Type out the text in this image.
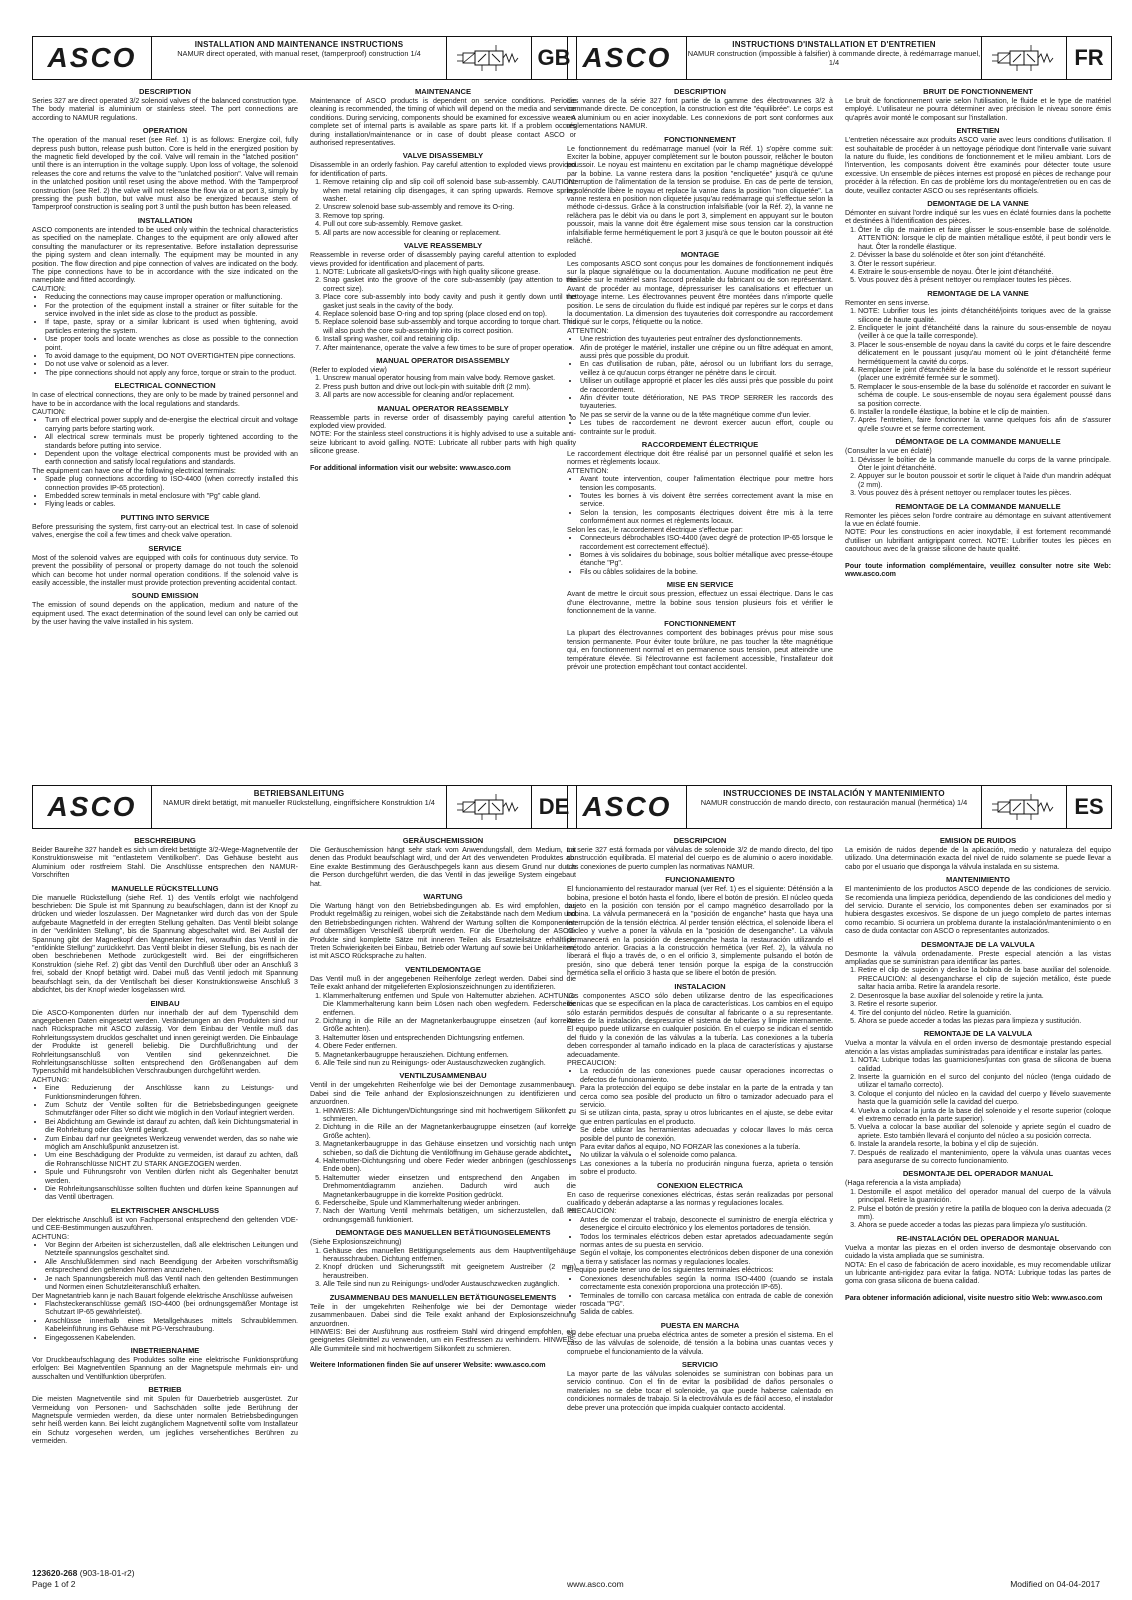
ASCO	INSTALLATION AND MAINTENANCE INSTRUCTIONS
NAMUR direct operated, with manual reset, (tamperproof) construction 1/4	GB
DESCRIPTION

Series 327 are direct operated 3/2 solenoid valves of the balanced construction type. The body material is aluminium or stainless steel. The port connections are according to NAMUR regulations.

OPERATION

The operation of the manual reset (see Ref. 1) is as follows: Energize coil, fully depress push button, release push button. Core is held in the energized position by the magnetic field developed by the coil. Valve will remain in the "latched position" until there is an interruption in the voltage supply. Upon loss of voltage, the solenoid releases the core and returns the valve to the "unlatched position". Valve will remain in the unlatched position until reset using the above method. With the Tamperproof construction (see Ref. 2) the valve will not release the flow via or at port 3, simply by pressing the push button, but valve must also be energized because stem of Tamperproof construction is sealing port 3 until the push button has been released.

INSTALLATION

ASCO components are intended to be used only within the technical characteristics as specified on the nameplate. Changes to the equipment are only allowed after consulting the manufacturer or its representative. Before installation depressurise the piping system and clean internally. The equipment may be mounted in any position. The flow direction and pipe connection of valves are indicated on the body. The pipe connections have to be in accordance with the size indicated on the nameplate and fitted accordingly.

CAUTION:

• Reducing the connections may cause improper operation or malfunctioning.
• For the protection of the equipment install a strainer or filter suitable for the service involved in the inlet side as close to the product as possible.
• If tape, paste, spray or a similar lubricant is used when tightening, avoid particles entering the system.
• Use proper tools and locate wrenches as close as possible to the connection point.
• To avoid damage to the equipment, DO NOT OVERTIGHTEN pipe connections.
• Do not use valve or solenoid as a lever.
• The pipe connections should not apply any force, torque or strain to the product.
ELECTRICAL CONNECTION

In case of electrical connections, they are only to be made by trained personnel and have to be in accordance with the local regulations and standards.

CAUTION:

• Turn off electrical power supply and de-energise the electrical circuit and voltage carrying parts before starting work.
• All electrical screw terminals must be properly tightened according to the standards before putting into service.
• Dependent upon the voltage electrical components must be provided with an earth connection and satisfy local regulations and standards.

The equipment can have one of the following electrical terminals:

• Spade plug connections according to ISO-4400 (when correctly installed this connection provides IP-65 protection).
• Embedded screw terminals in metal enclosure with "Pg" cable gland.
• Flying leads or cables.
PUTTING INTO SERVICE

Before pressurising the system, first carry-out an electrical test. In case of solenoid valves, energise the coil a few times and check valve operation.

SERVICE

Most of the solenoid valves are equipped with coils for continuous duty service. To prevent the possibility of personal or property damage do not touch the solenoid which can become hot under normal operation conditions. If the solenoid valve is easily accessible, the installer must provide protection preventing accidental contact.

SOUND EMISSION

The emission of sound depends on the application, medium and nature of the equipment used. The exact determination of the sound level can only be carried out by the user having the valve installed in his system.

MAINTENANCE

Maintenance of ASCO products is dependent on service conditions. Periodic cleaning is recommended, the timing of which will depend on the media and service conditions. During servicing, components should be examined for excessive wear. A complete set of internal parts is available as spare parts kit. If a problem occurs during installation/maintenance or in case of doubt please contact ASCO or authorised representatives.

VALVE DISASSEMBLY

Disassemble in an orderly fashion. Pay careful attention to exploded views provided for identification of parts.

1. Remove retaining clip and slip coil off solenoid base sub-assembly. CAUTION: when metal retaining clip disengages, it can spring upwards. Remove spring washer.
2. Unscrew solenoid base sub-assembly and remove its O-ring.
3. Remove top spring.
4. Pull out core sub-assembly. Remove gasket.
5. All parts are now accessible for cleaning or replacement.
VALVE REASSEMBLY

Reassemble in reverse order of disassembly paying careful attention to exploded views provided for identification and placement of parts.

1. NOTE: Lubricate all gaskets/O-rings with high quality silicone grease.
2. Snap gasket into the groove of the core sub-assembly (pay attention to the correct size).
3. Place core sub-assembly into body cavity and push it gently down until the gasket just seals in the cavity of the body.
4. Replace solenoid base O-ring and top spring (place closed end on top).
5. Replace solenoid base sub-assembly and torque according to torque chart. This will also push the core sub-assembly into its correct position.
6. Install spring washer, coil and retaining clip.
7. After maintenance, operate the valve a few times to be sure of proper operation.
MANUAL OPERATOR DISASSEMBLY

(Refer to exploded view)

1. Unscrew manual operator housing from main valve body. Remove gasket.
2. Press push button and drive out lock-pin with suitable drift (2 mm).
3. All parts are now accessible for cleaning and/or replacement.
MANUAL OPERATOR REASSEMBLY

Reassemble parts in reverse order of disassembly paying careful attention to exploded view provided.

NOTE: For the stainless steel constructions it is highly advised to use a suitable anti-seize lubricant to avoid galling. NOTE: Lubricate all rubber parts with high quality silicone grease.

For additional information visit our website: www.asco.com

ASCO	INSTRUCTIONS D'INSTALLATION ET D'ENTRETIEN
NAMUR construction (impossible à falsifier) à commande directe, à redémarrage manuel, 1/4	FR
DESCRIPTION

Les vannes de la série 327 font partie de la gamme des électrovannes 3/2 à commande directe. De conception, la construction est dite "équilibrée". Le corps est en aluminium ou en acier inoxydable. Les connexions de port sont conformes aux réglementations NAMUR.

FONCTIONNEMENT

Le fonctionnement du redémarrage manuel (voir la Réf. 1) s'opère comme suit: Exciter la bobine, appuyer complètement sur le bouton poussoir, relâcher le bouton poussoir. Le noyau est maintenu en excitation par le champ magnétique développé par la bobine. La vanne restera dans la position "encliquetée" jusqu'à ce qu'une interruption de l'alimentation de la tension se produise. En cas de perte de tension, le solénoïde libère le noyau et replace la vanne dans la position "non cliquetée". La vanne restera en position non cliquetée jusqu'au redémarrage qui s'effectue selon la méthode ci-dessus. Grâce à la construction infalsifiable (voir la Réf. 2), la vanne ne relâchera pas le débit via ou dans le port 3, simplement en appuyant sur le bouton poussoir, mais la vanne doit être également mise sous tension car la construction infalsifiable ferme hermétiquement le port 3 jusqu'à ce que le bouton poussoir ait été relâché.

MONTAGE

Les composants ASCO sont conçus pour les domaines de fonctionnement indiqués sur la plaque signalétique ou la documentation. Aucune modification ne peut être réalisée sur le matériel sans l'accord préalable du fabricant ou de son représentant. Avant de procéder au montage, dépressuriser les canalisations et effectuer un nettoyage interne. Les électrovannes peuvent être montées dans n'importe quelle position. Le sens de circulation du fluide est indiqué par repères sur le corps et dans la documentation. La dimension des tuyauteries doit correspondre au raccordement indiqué sur le corps, l'étiquette ou la notice.

ATTENTION:

• Une restriction des tuyauteries peut entraîner des dysfonctionnements.
• Afin de protéger le matériel, installer une crépine ou un filtre adéquat en amont, aussi près que possible du produit.
• En cas d'utilisation de ruban, pâte, aérosol ou un lubrifiant lors du serrage, veillez à ce qu'aucun corps étranger ne pénètre dans le circuit.
• Utiliser un outillage approprié et placer les clés aussi près que possible du point de raccordement.
• Afin d'éviter toute détérioration, NE PAS TROP SERRER les raccords des tuyauteries.
• Ne pas se servir de la vanne ou de la tête magnétique comme d'un levier.
• Les tubes de raccordement ne devront exercer aucun effort, couple ou contrainte sur le produit.
RACCORDEMENT ÉLECTRIQUE

Le raccordement électrique doit être réalisé par un personnel qualifié et selon les normes et règlements locaux.

ATTENTION:

• Avant toute intervention, couper l'alimentation électrique pour mettre hors tension les composants.
• Toutes les bornes à vis doivent être serrées correctement avant la mise en service.
• Selon la tension, les composants électriques doivent être mis à la terre conformément aux normes et règlements locaux.

Selon les cas, le raccordement électrique s'effectue par:

• Connecteurs débrochables ISO-4400 (avec degré de protection IP-65 lorsque le raccordement est correctement effectué).
• Bornes à vis solidaires du bobinage, sous boîtier métallique avec presse-étoupe étanche "Pg".
• Fils ou câbles solidaires de la bobine.
MISE EN SERVICE

Avant de mettre le circuit sous pression, effectuez un essai électrique. Dans le cas d'une électrovanne, mettre la bobine sous tension plusieurs fois et vérifier le fonctionnement de la vanne.

FONCTIONNEMENT

La plupart des électrovannes comportent des bobinages prévus pour mise sous tension permanente. Pour éviter toute brûlure, ne pas toucher la tête magnétique qui, en fonctionnement normal et en permanence sous tension, peut atteindre une température élevée. Si l'électrovanne est facilement accessible, l'installateur doit prévoir une protection empêchant tout contact accidentel.

BRUIT DE FONCTIONNEMENT

Le bruit de fonctionnement varie selon l'utilisation, le fluide et le type de matériel employé. L'utilisateur ne pourra déterminer avec précision le niveau sonore émis qu'après avoir monté le composant sur l'installation.

ENTRETIEN

L'entretien nécessaire aux produits ASCO varie avec leurs conditions d'utilisation. Il est souhaitable de procéder à un nettoyage périodique dont l'intervalle varie suivant la nature du fluide, les conditions de fonctionnement et le milieu ambiant. Lors de l'intervention, les composants doivent être examinés pour détecter toute usure excessive. Un ensemble de pièces internes est proposé en pièces de rechange pour procéder à la réfection. En cas de problème lors du montage/entretien ou en cas de doute, veuillez contacter ASCO ou ses représentants officiels.

DEMONTAGE DE LA VANNE

Démonter en suivant l'ordre indiqué sur les vues en éclaté fournies dans la pochette et destinées à l'identification des pièces.

1. Ôter le clip de maintien et faire glisser le sous-ensemble base de solénoïde. ATTENTION: lorsque le clip de maintien métallique estôté, il peut bondir vers le haut. Ôter la rondelle élastique.
2. Dévisser la base du solénoïde et ôter son joint d'étanchéité.
3. Ôter le ressort supérieur.
4. Extraire le sous-ensemble de noyau. Ôter le joint d'étanchéité.
5. Vous pouvez dès à présent nettoyer ou remplacer toutes les pièces.
REMONTAGE DE LA VANNE

Remonter en sens inverse.

1. NOTE: Lubrifier tous les joints d'étanchéité/joints toriques avec de la graisse silicone de haute qualité.
2. Encliqueter le joint d'étanchéité dans la rainure du sous-ensemble de noyau (veiller à ce que la taille corresponde).
3. Placer le sous-ensemble de noyau dans la cavité du corps et le faire descendre délicatement en le poussant jusqu'au moment où le joint d'étanchéité ferme hermétiquement la cavité du corps.
4. Remplacer le joint d'étanchéité de la base du solénoïde et le ressort supérieur (placer une extrémité fermée sur le sommet).
5. Remplacer le sous-ensemble de la base du solénoïde et raccorder en suivant le schéma de couple. Le sous-ensemble de noyau sera également poussé dans sa position correcte.
6. Installer la rondelle élastique, la bobine et le clip de maintien.
7. Après l'entretien, faire fonctionner la vanne quelques fois afin de s'assurer qu'elle s'ouvre et se ferme correctement.
DÉMONTAGE DE LA COMMANDE MANUELLE

(Consulter la vue en éclaté)

1. Dévisser le boîtier de la commande manuelle du corps de la vanne principale. Ôter le joint d'étanchéité.
2. Appuyer sur le bouton poussoir et sortir le cliquet à l'aide d'un mandrin adéquat (2 mm).
3. Vous pouvez dès à présent nettoyer ou remplacer toutes les pièces.
REMONTAGE DE LA COMMANDE MANUELLE

Remonter les pièces selon l'ordre contraire au démontage en suivant attentivement la vue en éclaté fournie.

NOTE: Pour les constructions en acier inoxydable, il est fortement recommandé d'utiliser un lubrifiant antigrippant correct. NOTE: Lubrifier toutes les pièces en caoutchouc avec de la graisse silicone de haute qualité.

Pour toute information complémentaire, veuillez consulter notre site Web: www.asco.com

ASCO	BETRIEBSANLEITUNG
NAMUR direkt betätigt, mit manueller Rückstellung, eingriffsichere Konstruktion 1/4	DE
BESCHREIBUNG

Beider Baureihe 327 handelt es sich um direkt betätigte 3/2-Wege-Magnetventile der Konstruktionsweise mit "entlastetem Ventilkolben". Das Gehäuse besteht aus Aluminium oder rostfreiem Stahl. Die Anschlüsse entsprechen den NAMUR-Vorschriften

MANUELLE RÜCKSTELLUNG

Die manuelle Rückstellung (siehe Ref. 1) des Ventils erfolgt wie nachfolgend beschrieben: Die Spule ist mit Spannung zu beaufschlagen, dann ist der Knopf zu drücken und wieder loszulassen. Der Magnetanker wird durch das von der Spule aufgebaute Magnetfeld in der erregten Stellung gehalten. Das Ventil bleibt solange in der "verklinkten Stellung", bis die Spannung abgeschaltet wird. Bei Ausfall der Spannung gibt der Magnetkopf den Magnetanker frei, woraufhin das Ventil in die "entklinkte Stellung" zurückkehrt. Das Ventil bleibt in dieser Stellung, bis es nach der oben beschriebenen Methode zurückgestellt wird. Bei der eingriffsicheren Konstruktion (siehe Ref. 2) gibt das Ventil den Durchfluß über oder an Anschluß 3 frei, sobald der Knopf betätigt wird. Dabei muß das Ventil jedoch mit Spannung beaufschlagt sein, da der Ventilschaft bei dieser Konstruktionsweise Anschluß 3 abdichtet, bis der Knopf wieder losgelassen wird.

EINBAU

Die ASCO-Komponenten dürfen nur innerhalb der auf dem Typenschild dem angegebenen Daten eingesetzt werden. Veränderungen an den Produkten sind nur nach Rücksprache mit ASCO zulässig. Vor dem Einbau der Ventile muß das Rohrleitungssystem drucklos geschaltet und innen gereinigt werden. Die Einbaulage der Produkte ist generell beliebig. Die Durchflußrichtung und der Rohrleitungsanschluß von Ventilen sind gekennzeichnet. Die Rohrleitungsanschlüsse sollten entsprechend den Größenangaben auf dem Typenschild mit handelsüblichen Verschraubungen durchgeführt werden.

ACHTUNG:

• Eine Reduzierung der Anschlüsse kann zu Leistungs- und Funktionsminderungen führen.
• Zum Schutz der Ventile sollten für die Betriebsbedingungen geeignete Schmutzfänger oder Filter so dicht wie möglich in den Vorlauf integriert werden.
• Bei Abdichtung am Gewinde ist darauf zu achten, daß kein Dichtungsmaterial in die Rohrleitung oder das Ventil gelangt.
• Zum Einbau darf nur geeignetes Werkzeug verwendet werden, das so nahe wie möglich am Anschlußpunkt anzusetzen ist.
• Um eine Beschädigung der Produkte zu vermeiden, ist darauf zu achten, daß die Rohranschlüsse NICHT ZU STARK ANGEZOGEN werden.
• Spule und Führungsrohr von Ventilen dürfen nicht als Gegenhalter benutzt werden.
• Die Rohrleitungsanschlüsse sollten fluchten und dürfen keine Spannungen auf das Ventil übertragen.
ELEKTRISCHER ANSCHLUSS

Der elektrische Anschluß ist von Fachpersonal entsprechend den geltenden VDE- und CEE-Bestimmungen auszuführen.

ACHTUNG:

• Vor Beginn der Arbeiten ist sicherzustellen, daß alle elektrischen Leitungen und Netzteile spannungslos geschaltet sind.
• Alle Anschlußklemmen sind nach Beendigung der Arbeiten vorschriftsmäßig entsprechend den geltenden Normen anzuziehen.
• Je nach Spannungsbereich muß das Ventil nach den geltenden Bestimmungen und Normen einen Schutzleiteranschluß erhalten.

Der Magnetantrieb kann je nach Bauart folgende elektrische Anschlüsse aufweisen

• Flachsteckeranschlüsse gemäß ISO-4400 (bei ordnungsgemäßer Montage ist Schutzart IP-65 gewährleistet).
• Anschlüsse innerhalb eines Metallgehäuses mittels Schraubklemmen. Kabeleinführung ins Gehäuse mit PG-Verschraubung.
• Eingegossenen Kabelenden.
INBETRIEBNAHME

Vor Druckbeaufschlagung des Produktes sollte eine elektrische Funktionsprüfung erfolgen: Bei Magnetventilen Spannung an der Magnetspule mehrmals ein- und ausschalten und Ventilfunktion überprüfen.

BETRIEB

Die meisten Magnetventile sind mit Spulen für Dauerbetrieb ausgerüstet. Zur Vermeidung von Personen- und Sachschäden sollte jede Berührung der Magnetspule vermieden werden, da diese unter normalen Betriebsbedingungen sehr heiß werden kann. Bei leicht zugänglichem Magnetventil sollte vom Installateur ein Schutz vorgesehen werden, um jegliches versehentliches Berühren zu vermeiden.

GERÄUSCHEMISSION

Die Geräuschemission hängt sehr stark vom Anwendungsfall, dem Medium, mit denen das Produkt beaufschlagt wird, und der Art des verwendeten Produktes ab. Eine exakte Bestimmung des Geräuschpegels kann aus diesem Grund nur durch die Person durchgeführt werden, die das Ventil in das jeweilige System eingebaut hat.

WARTUNG

Die Wartung hängt von den Betriebsbedingungen ab. Es wird empfohlen, das Produkt regelmäßig zu reinigen, wobei sich die Zeitabstände nach dem Medium und den Betriebsbedingungen richten. Während der Wartung sollten die Komponenten auf übermäßigen Verschleiß überprüft werden. Für die Überholung der ASCO-Produkte sind komplette Sätze mit inneren Teilen als Ersatzteilsätze erhältlich. Treten Schwierigkeiten bei Einbau, Betrieb oder Wartung auf sowie bei Unklarheiten, ist mit ASCO Rücksprache zu halten.

VENTILDEMONTAGE

Das Ventil muß in der angegebenen Reihenfolge zerlegt werden. Dabei sind die Teile exakt anhand der mitgelieferten Explosionszeichnungen zu identifizieren.

1. Klammerhalterung entfernen und Spule von Haltemutter abziehen. ACHTUNG: Die Klammerhalterung kann beim Lösen nach oben wegfedern. Federscheibe entfernen.
2. Dichtung in die Rille an der Magnetankerbaugruppe einsetzen (auf korrekte Größe achten).
3. Haltemutter lösen und entsprechenden Dichtungsring entfernen.
4. Obere Feder entfernen.
5. Magnetankerbaugruppe herausziehen. Dichtung entfernen.
6. Alle Teile sind nun zu Reinigungs- oder Austauschzwecken zugänglich.
VENTILZUSAMMENBAU

Ventil in der umgekehrten Reihenfolge wie bei der Demontage zusammenbauen. Dabei sind die Teile anhand der Explosionszeichnungen zu identifizieren und anzuordnen.

1. HINWEIS: Alle Dichtungen/Dichtungsringe sind mit hochwertigem Silikonfett zu schmieren.
2. Dichtung in die Rille an der Magnetankerbaugruppe einsetzen (auf korrekte Größe achten).
3. Magnetankerbaugruppe in das Gehäuse einsetzen und vorsichtig nach unten schieben, so daß die Dichtung die Ventilöffnung im Gehäuse gerade abdichtet.
4. Haltemutter-Dichtungsring und obere Feder wieder anbringen (geschlossenes Ende oben).
5. Haltemutter wieder einsetzen und entsprechend den Angaben im Drehmomentdiagramm anziehen. Dadurch wird auch die Magnetankerbaugruppe in die korrekte Position gedrückt.
6. Federscheibe, Spule und Klammerhalterung wieder anbringen.
7. Nach der Wartung Ventil mehrmals betätigen, um sicherzustellen, daß es ordnungsgemäß funktioniert.
DEMONTAGE DES MANUELLEN BETÄTIGUNGSELEMENTS

(Siehe Explosionszeichnung)

1. Gehäuse des manuellen Betätigungselements aus dem Hauptventilgehäuse herausschrauben. Dichtung entfernen.
2. Knopf drücken und Sicherungsstift mit geeignetem Austreiber (2 mm) heraustreiben.
3. Alle Teile sind nun zu Reinigungs- und/oder Austauschzwecken zugänglich.
ZUSAMMENBAU DES MANUELLEN BETÄTIGUNGSELEMENTS

Teile in der umgekehrten Reihenfolge wie bei der Demontage wieder zusammenbauen. Dabei sind die Teile exakt anhand der Explosionszeichnung anzuordnen.

HINWEIS: Bei der Ausführung aus rostfreiem Stahl wird dringend empfohlen, ein geeignetes Gleitmittel zu verwenden, um ein Festfressen zu verhindern. HINWEIS: Alle Gummiteile sind mit hochwertigem Silikonfett zu schmieren.

Weitere Informationen finden Sie auf unserer Website: www.asco.com

ASCO	INSTRUCCIONES DE INSTALACIÓN Y MANTENIMIENTO
NAMUR construcción de mando directo, con restauración manual (hermética) 1/4	ES
DESCRIPCION

La serie 327 está formada por válvulas de solenoide 3/2 de mando directo, del tipo construcción equilibrada. El material del cuerpo es de aluminio o acero inoxidable. Las conexiones de puerto cumplen las normativas NAMUR.

FUNCIONAMIENTO

El funcionamiento del restaurador manual (ver Ref. 1) es el siguiente: Déténsión a la bobina, presione el botón hasta el fondo, libere el botón de presión. El núcleo queda sujeto en la posición con tensión por el campo magnético desarrollado por la bobina. La válvula permanecerá en la "posición de enganche" hasta que haya una interrupción de la tensión eléctrica. Al perder tensión eléctrica, el solenoide libera el núcleo y vuelve a poner la válvula en la "posición de desenganche". La válvula permanecerá en la posición de desenganche hasta la restauración utilizando el método anterior. Gracias a la construcción hermética (ver Ref. 2), la válvula no liberará el flujo a través de, o en el orificio 3, simplemente pulsando el botón de presión, sino que deberá tener tensión porque la espiga de la construcción hermética sella el orificio 3 hasta que se libere el botón de presión.

INSTALACION

Los componentes ASCO sólo deben utilizarse dentro de las especificaciones técnicas que se especifican en la placa de características. Los cambios en el equipo sólo estarán permitidos después de consultar al fabricante o a su representante. Antes de la instalación, despresurice el sistema de tuberías y limpie internamente. El equipo puede utilizarse en cualquier posición. En el cuerpo se indican el sentido del fluido y la conexión de las válvulas a la tubería. Las conexiones a la tubería deben corresponder al tamaño indicado en la placa de características y ajustarse adecuadamente.

PRECAUCION:

• La reducción de las conexiones puede causar operaciones incorrectas o defectos de funcionamiento.
• Para la protección del equipo se debe instalar en la parte de la entrada y tan cerca como sea posible del producto un filtro o tamizador adecuado para el servicio.
• Si se utilizan cinta, pasta, spray u otros lubricantes en el ajuste, se debe evitar que entren partículas en el producto.
• Se debe utilizar las herramientas adecuadas y colocar llaves lo más cerca posible del punto de conexión.
• Para evitar daños al equipo, NO FORZAR las conexiones a la tubería.
• No utilizar la válvula o el solenoide como palanca.
• Las conexiones a la tubería no producirán ninguna fuerza, aprieta o tensión sobre el producto.
CONEXION ELECTRICA

En caso de requerirse conexiones eléctricas, éstas serán realizadas por personal cualificado y deberán adaptarse a las normas y regulaciones locales.

PRECAUCION:

• Antes de comenzar el trabajo, desconecte el suministro de energía eléctrica y desenergice el circuito electrónico y los elementos portadores de tensión.
• Todos los terminales eléctricos deben estar apretados adecuadamente según normas antes de su puesta en servicio.
• Según el voltaje, los componentes electrónicos deben disponer de una conexión a tierra y satisfacer las normas y regulaciones locales.

El equipo puede tener uno de los siguientes terminales eléctricos:

• Conexiones desenchufables según la norma ISO-4400 (cuando se instala correctamente esta conexión proporciona una protección IP-65).
• Terminales de tornillo con carcasa metálica con entrada de cable de conexión roscada "PG".
• Salida de cables.
PUESTA EN MARCHA

Se debe efectuar una prueba eléctrica antes de someter a presión el sistema. En el caso de las válvulas de solenoide, dé tensión a la bobina unas cuantas veces y compruebe el funcionamiento de la válvula.

SERVICIO

La mayor parte de las válvulas solenoides se suministran con bobinas para un servicio continuo. Con el fin de evitar la posibilidad de daños personales o materiales no se debe tocar el solenoide, ya que puede haberse calentado en condiciones normales de trabajo. Si la electroválvula es de fácil acceso, el instalador debe prever una protección que impida cualquier contacto accidental.

EMISION DE RUIDOS

La emisión de ruidos depende de la aplicación, medio y naturaleza del equipo utilizado. Una determinación exacta del nivel de ruido solamente se puede llevar a cabo por el usuario que disponga la válvula instalada en su sistema.

MANTENIMIENTO

El mantenimiento de los productos ASCO depende de las condiciones de servicio. Se recomienda una limpieza periódica, dependiendo de las condiciones del medio y del servicio. Durante el servicio, los componentes deben ser examinados por si hubiera desgastes excesivos. Se dispone de un juego completo de partes internas como recambio. Si ocurriera un problema durante la instalación/mantenimiento o en caso de duda contactar con ASCO o representantes autorizados.

DESMONTAJE DE LA VALVULA

Desmonte la válvula ordenadamente. Preste especial atención a las vistas ampliadas que se suministran para identificar las partes.

1. Retire el clip de sujeción y deslice la bobina de la base auxiliar del solenoide. PRECAUCION: al desengancharse el clip de sujeción metálico, éste puede saltar hacia arriba. Retire la arandela resorte.
2. Desenrosque la base auxiliar del solenoide y retire la junta.
3. Retire el resorte superior.
4. Tire del conjunto del núcleo. Retire la guarnición.
5. Ahora se puede acceder a todas las piezas para limpieza y sustitución.
REMONTAJE DE LA VALVULA

Vuelva a montar la válvula en el orden inverso de desmontaje prestando especial atención a las vistas ampliadas suministradas para identificar e instalar las partes.

1. NOTA: Lubrique todas las guarniciones/juntas con grasa de silicona de buena calidad.
2. Inserte la guarnición en el surco del conjunto del núcleo (tenga cuidado de utilizar el tamaño correcto).
3. Coloque el conjunto del núcleo en la cavidad del cuerpo y llévelo suavemente hasta que la guarnición selle la cavidad del cuerpo.
4. Vuelva a colocar la junta de la base del solenoide y el resorte superior (coloque el extremo cerrado en la parte superior).
5. Vuelva a colocar la base auxiliar del solenoide y apriete según el cuadro de apriete. Esto también llevará el conjunto del núcleo a su posición correcta.
6. Instale la arandela resorte, la bobina y el clip de sujeción.
7. Después de realizado el mantenimiento, opere la válvula unas cuantas veces para asegurarse de su correcto funcionamiento.
DESMONTAJE DEL OPERADOR MANUAL

(Haga referencia a la vista ampliada)

1. Destornille el aspot metálico del operador manual del cuerpo de la válvula principal. Retire la guarnición.
2. Pulse el botón de presión y retire la patilla de bloqueo con la deriva adecuada (2 mm).
3. Ahora se puede acceder a todas las piezas para limpieza y/o sustitución.
RE-INSTALACIÓN DEL OPERADOR MANUAL

Vuelva a montar las piezas en el orden inverso de desmontaje observando con cuidado la vista ampliada que se suministra.

NOTA: En el caso de fabricación de acero inoxidable, es muy recomendable utilizar un lubricante anti-rigidez para evitar la fatiga. NOTA: Lubrique todas las partes de goma con grasa silicona de buena calidad.

Para obtener información adicional, visite nuestro sitio Web: www.asco.com

123620-268 (903-18-01-r2)
Page 1 of 2	www.asco.com	Modified on 04-04-2017
